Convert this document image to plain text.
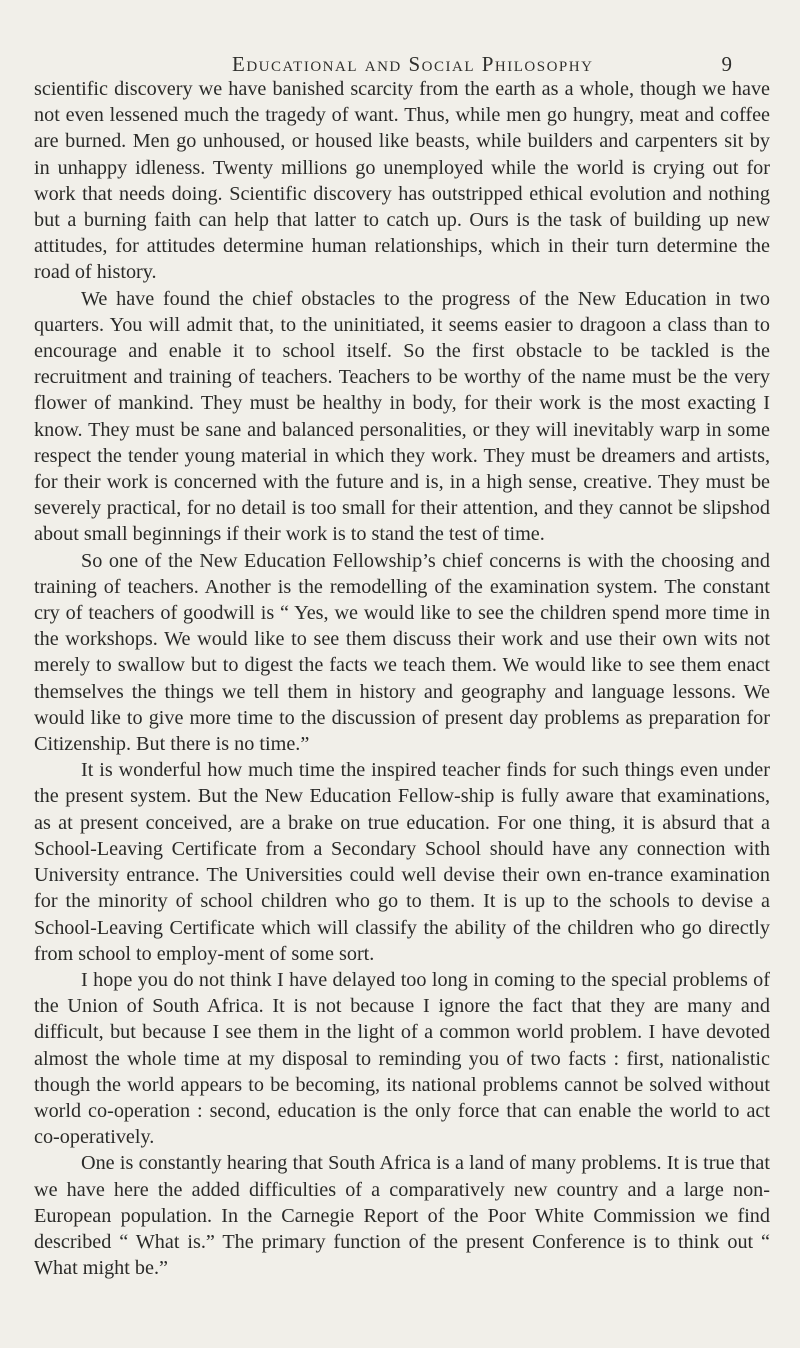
Educational and Social Philosophy	9

scientific discovery we have banished scarcity from the earth as a whole, though we have not even lessened much the tragedy of want. Thus, while men go hungry, meat and coffee are burned. Men go unhoused, or housed like beasts, while builders and carpenters sit by in unhappy idleness. Twenty millions go unemployed while the world is crying out for work that needs doing. Scientific discovery has outstripped ethical evolution and nothing but a burning faith can help that latter to catch up. Ours is the task of building up new attitudes, for attitudes determine human relationships, which in their turn determine the road of history.

We have found the chief obstacles to the progress of the New Education in two quarters. You will admit that, to the uninitiated, it seems easier to dragoon a class than to encourage and enable it to school itself. So the first obstacle to be tackled is the recruitment and training of teachers. Teachers to be worthy of the name must be the very flower of mankind. They must be healthy in body, for their work is the most exacting I know. They must be sane and balanced personalities, or they will inevitably warp in some respect the tender young material in which they work. They must be dreamers and artists, for their work is concerned with the future and is, in a high sense, creative. They must be severely practical, for no detail is too small for their attention, and they cannot be slipshod about small beginnings if their work is to stand the test of time.

So one of the New Education Fellowship’s chief concerns is with the choosing and training of teachers. Another is the remodelling of the examination system. The constant cry of teachers of goodwill is “ Yes, we would like to see the children spend more time in the workshops. We would like to see them discuss their work and use their own wits not merely to swallow but to digest the facts we teach them. We would like to see them enact themselves the things we tell them in history and geography and language lessons. We would like to give more time to the discussion of present day problems as preparation for Citizenship. But there is no time.”

It is wonderful how much time the inspired teacher finds for such things even under the present system. But the New Education Fellow-ship is fully aware that examinations, as at present conceived, are a brake on true education. For one thing, it is absurd that a School-Leaving Certificate from a Secondary School should have any connection with University entrance. The Universities could well devise their own en-trance examination for the minority of school children who go to them. It is up to the schools to devise a School-Leaving Certificate which will classify the ability of the children who go directly from school to employ-ment of some sort.

I hope you do not think I have delayed too long in coming to the special problems of the Union of South Africa. It is not because I ignore the fact that they are many and difficult, but because I see them in the light of a common world problem. I have devoted almost the whole time at my disposal to reminding you of two facts : first, nationalistic though the world appears to be becoming, its national problems cannot be solved without world co-operation : second, education is the only force that can enable the world to act co-operatively.

One is constantly hearing that South Africa is a land of many problems. It is true that we have here the added difficulties of a comparatively new country and a large non-European population. In the Carnegie Report of the Poor White Commission we find described “ What is.” The primary function of the present Conference is to think out “ What might be.”
